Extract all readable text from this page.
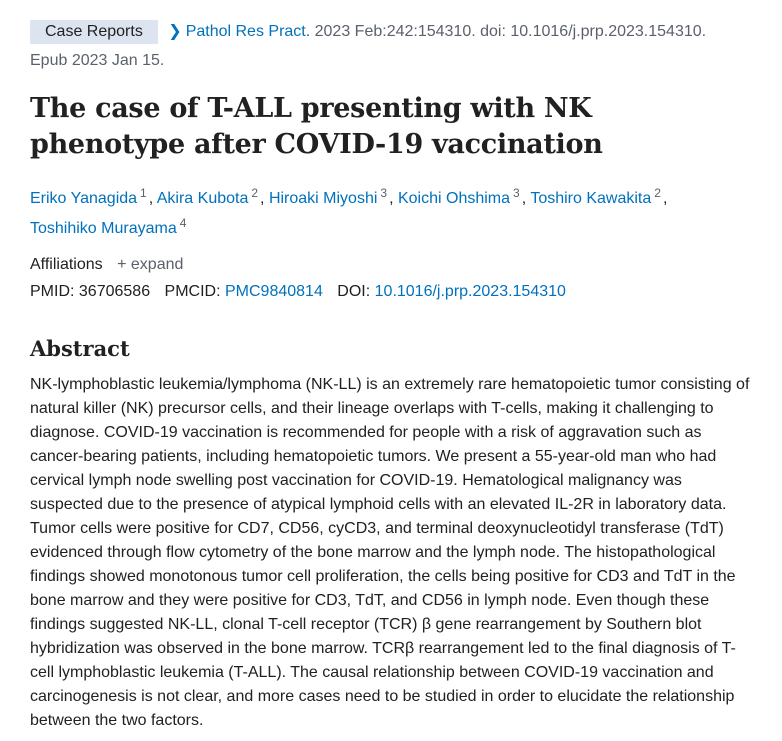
Case Reports ❯ Pathol Res Pract. 2023 Feb:242:154310. doi: 10.1016/j.prp.2023.154310.
Epub 2023 Jan 15.
The case of T-ALL presenting with NK phenotype after COVID-19 vaccination
Eriko Yanagida $^1$ , Akira Kubota $^2$ , Hiroaki Miyoshi $^3$ , Koichi Ohshima $^3$ , Toshiro Kawakita $^2$ ,
Toshihiko Murayama $^4$
Affiliations + expand
PMID: 36706586 PMCID: PMC9840814 DOI: 10.1016/j.prp.2023.154310
Abstract

NK-lymphoblastic leukemia/lymphoma (NK-LL) is an extremely rare hematopoietic tumor consisting of natural killer (NK) precursor cells, and their lineage overlaps with T-cells, making it challenging to diagnose. COVID-19 vaccination is recommended for people with a risk of aggravation such as cancer-bearing patients, including hematopoietic tumors. We present a 55-year-old man who had cervical lymph node swelling post vaccination for COVID-19. Hematological malignancy was suspected due to the presence of atypical lymphoid cells with an elevated IL-2R in laboratory data. Tumor cells were positive for CD7, CD56, cyCD3, and terminal deoxynucleotidyl transferase (TdT) evidenced through flow cytometry of the bone marrow and the lymph node. The histopathological findings showed monotonous tumor cell proliferation, the cells being positive for CD3 and TdT in the bone marrow and they were positive for CD3, TdT, and CD56 in lymph node. Even though these findings suggested NK-LL, clonal T-cell receptor (TCR) β gene rearrangement by Southern blot hybridization was observed in the bone marrow. TCRβ rearrangement led to the final diagnosis of T-cell lymphoblastic leukemia (T-ALL). The causal relationship between COVID-19 vaccination and carcinogenesis is not clear, and more cases need to be studied in order to elucidate the relationship between the two factors.
